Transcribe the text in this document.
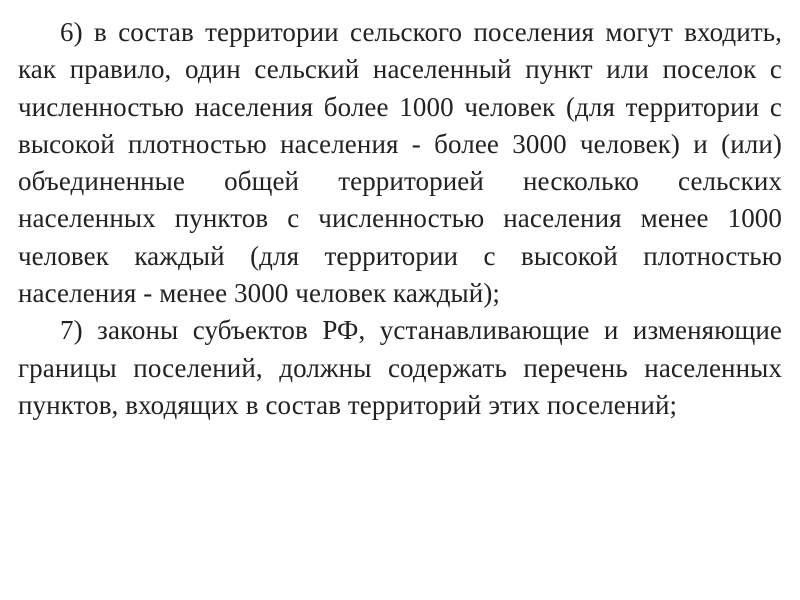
6) в состав территории сельского поселения могут входить, как правило, один сельский населенный пункт или поселок с численностью населения более 1000 человек (для территории с высокой плотностью населения - более 3000 человек) и (или) объединенные общей территорией несколько сельских населенных пунктов с численностью населения менее 1000 человек каждый (для территории с высокой плотностью населения - менее 3000 человек каждый);

7) законы субъектов РФ, устанавливающие и изменяющие границы поселений, должны содержать перечень населенных пунктов, входящих в состав территорий этих поселений;
